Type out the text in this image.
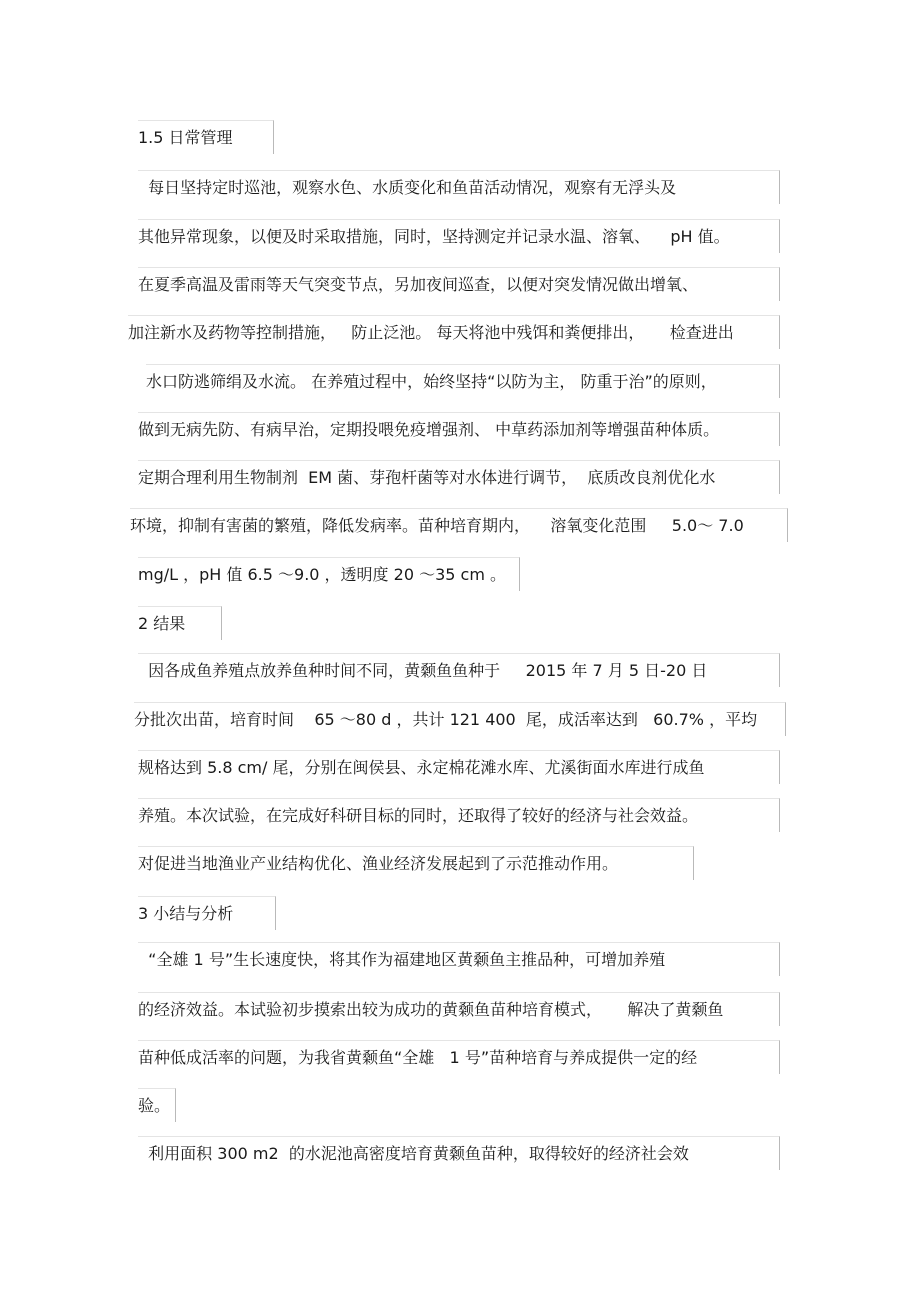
1.5 日常管理
每日坚持定时巡池，观察水色、水质变化和鱼苗活动情况，观察有无浮头及
其他异常现象，以便及时采取措施，同时，坚持测定并记录水温、溶氧、    pH 值。
在夏季高温及雷雨等天气突变节点，另加夜间巡查，以便对突发情况做出增氧、
加注新水及药物等控制措施，   防止泛池。 每天将池中残饵和粪便排出，     检查进出
水口防逃筛绢及水流。 在养殖过程中，始终坚持“以防为主， 防重于治”的原则，
做到无病先防、有病早治，定期投喂免疫增强剂、 中草药添加剂等增强苗种体质。
定期合理利用生物制剂  EM 菌、芽孢杆菌等对水体进行调节，  底质改良剂优化水
环境，抑制有害菌的繁殖，降低发病率。苗种培育期内，    溶氧变化范围     5.0～ 7.0
mg/L ，pH 值 6.5 ～9.0 ，透明度 20 ～35 cm 。
2 结果
因各成鱼养殖点放养鱼种时间不同，黄颡鱼鱼种于     2015 年 7 月 5 日-20 日
分批次出苗，培育时间    65 ～80 d ，共计 121 400  尾，成活率达到   60.7% ，平均
规格达到 5.8 cm/ 尾，分别在闽侯县、永定棉花滩水库、尤溪街面水库进行成鱼
养殖。本次试验，在完成好科研目标的同时，还取得了较好的经济与社会效益。
对促进当地渔业产业结构优化、渔业经济发展起到了示范推动作用。
3 小结与分析
“全雄 1 号”生长速度快，将其作为福建地区黄颡鱼主推品种，可增加养殖
的经济效益。本试验初步摸索出较为成功的黄颡鱼苗种培育模式，     解决了黄颡鱼
苗种低成活率的问题，为我省黄颡鱼“全雄   1 号”苗种培育与养成提供一定的经
验。
利用面积 300 m2  的水泥池高密度培育黄颡鱼苗种，取得较好的经济社会效
